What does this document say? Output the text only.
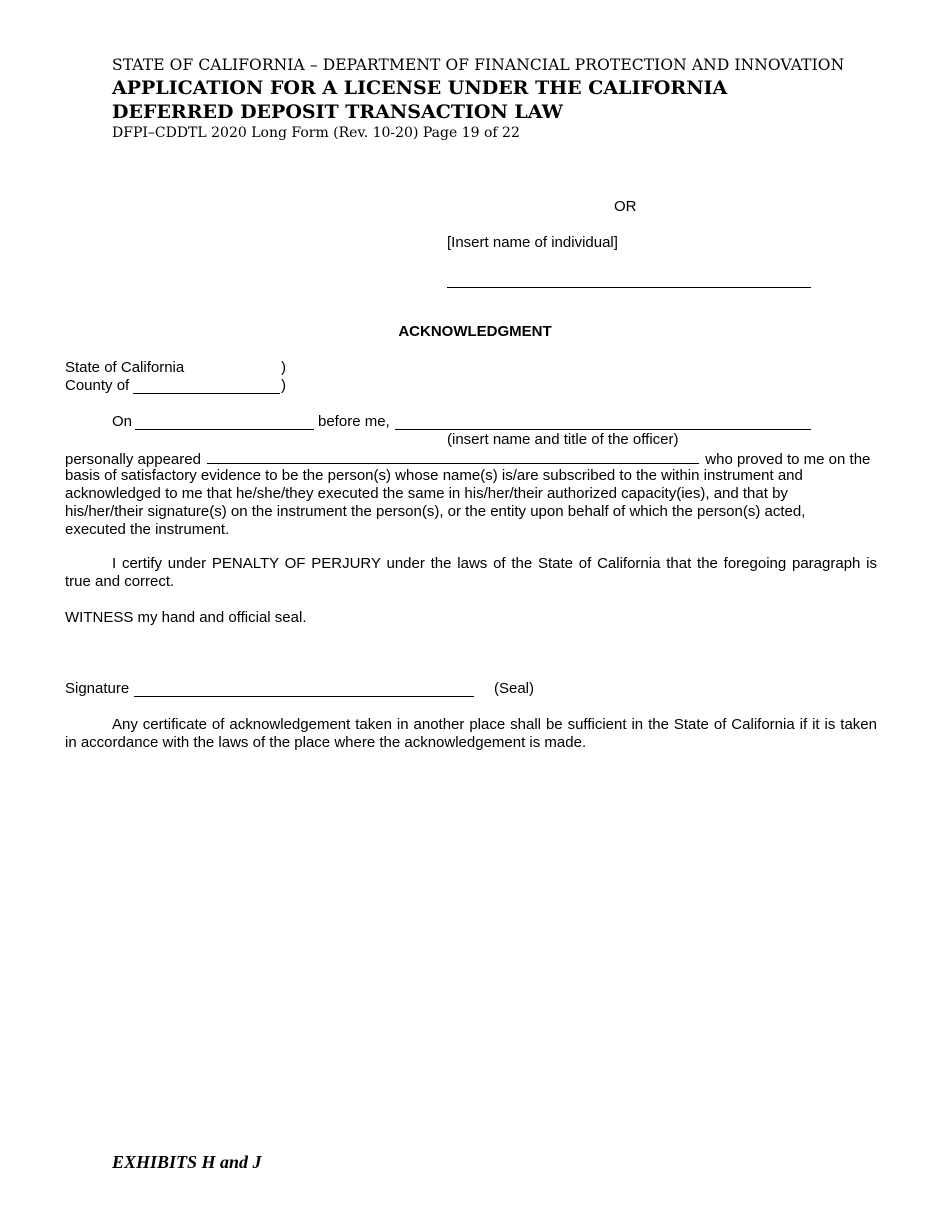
STATE OF CALIFORNIA – DEPARTMENT OF FINANCIAL PROTECTION AND INNOVATION
APPLICATION FOR A LICENSE UNDER THE CALIFORNIA
DEFERRED DEPOSIT TRANSACTION LAW
DFPI–CDDTL 2020 Long Form (Rev. 10-20) Page 19 of 22
OR
[Insert name of individual]
ACKNOWLEDGMENT
State of California	)
County of	)
On	before me,
(insert name and title of the officer)
personally appeared	who proved to me on the
basis of satisfactory evidence to be the person(s) whose name(s) is/are subscribed to the within instrument and
acknowledged to me that he/she/they executed the same in his/her/their authorized capacity(ies), and that by
his/her/their signature(s) on the instrument the person(s), or the entity upon behalf of which the person(s) acted,
executed the instrument.
I certify under PENALTY OF PERJURY under the laws of the State of California that the foregoing paragraph is true and correct.
WITNESS my hand and official seal.
Signature	(Seal)
Any certificate of acknowledgement taken in another place shall be sufficient in the State of California if it is taken in accordance with the laws of the place where the acknowledgement is made.
EXHIBITS H and J
